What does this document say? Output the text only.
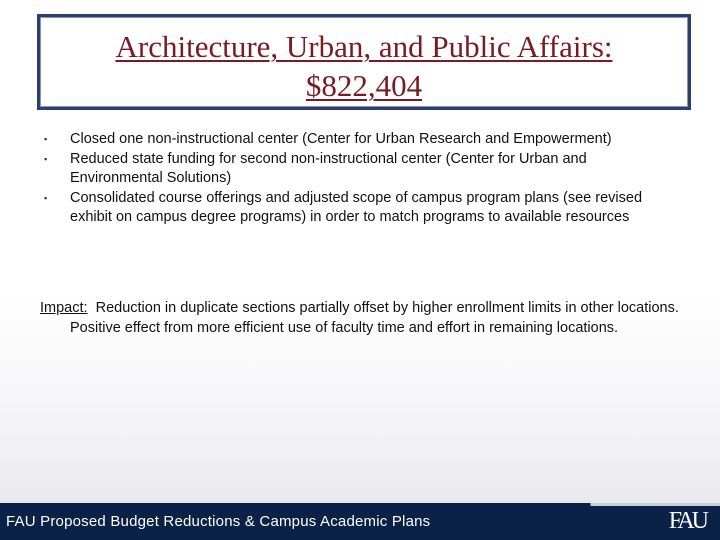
Architecture, Urban, and Public Affairs:
$822,404
▪ Closed one non-instructional center (Center for Urban Research and Empowerment)
▪ Reduced state funding for second non-instructional center (Center for Urban and Environmental Solutions)
▪ Consolidated course offerings and adjusted scope of campus program plans (see revised exhibit on campus degree programs) in order to match programs to available resources

Impact: Reduction in duplicate sections partially offset by higher enrollment limits in other locations. Positive effect from more efficient use of faculty time and effort in remaining locations.

FAU Proposed Budget Reductions & Campus Academic Plans	FAU
